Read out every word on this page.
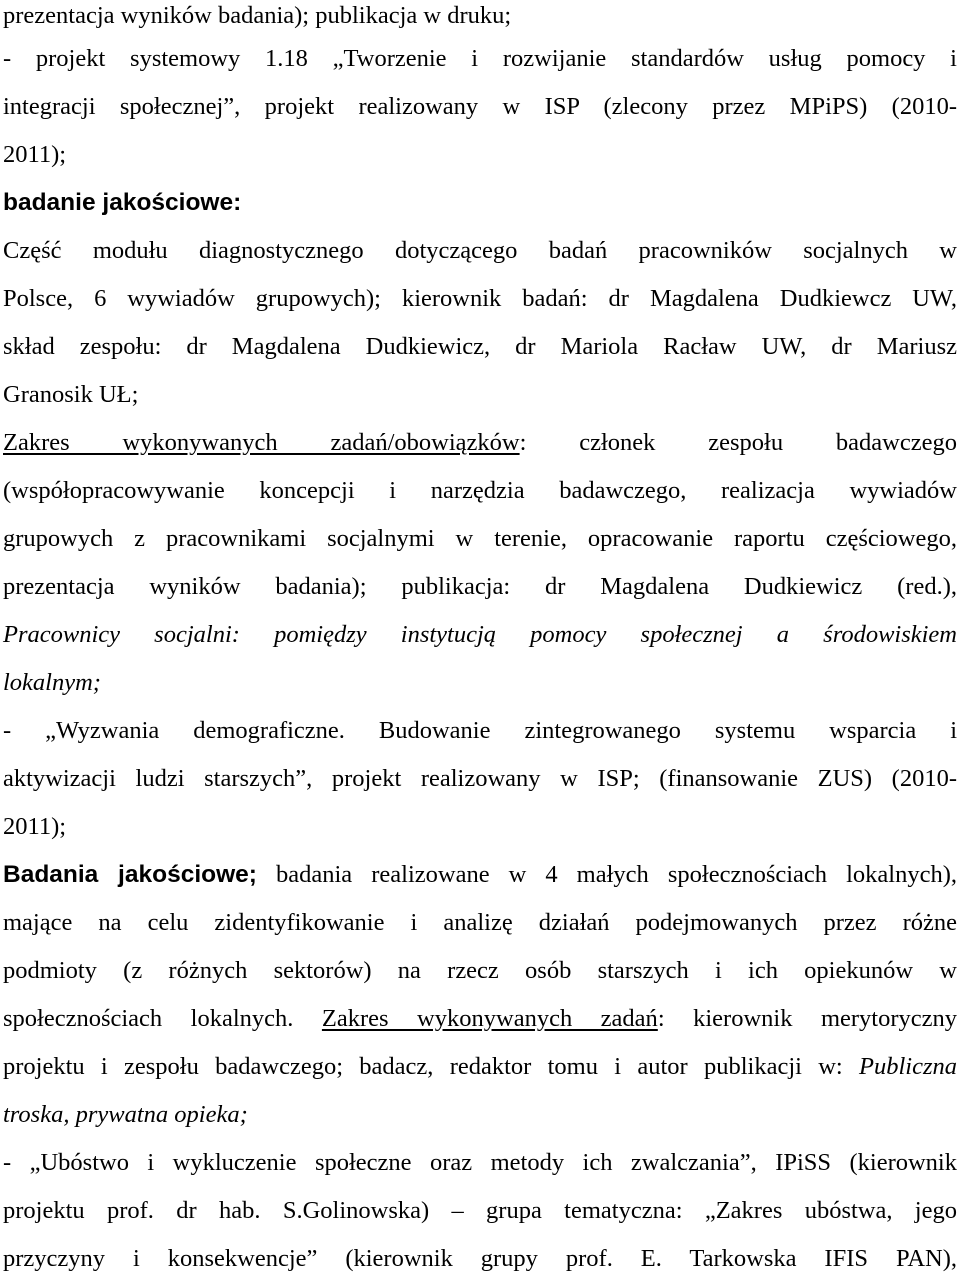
prezentacja wyników badania); publikacja w druku;
- projekt systemowy 1.18 „Tworzenie i rozwijanie standardów usług pomocy i
integracji społecznej”, projekt realizowany w ISP (zlecony przez MPiPS) (2010-
2011);
badanie jakościowe:
Część modułu diagnostycznego dotyczącego badań pracowników socjalnych w
Polsce, 6 wywiadów grupowych); kierownik badań: dr Magdalena Dudkiewcz UW,
skład zespołu: dr Magdalena Dudkiewicz, dr Mariola Racław UW, dr Mariusz
Granosik UŁ;
Zakres wykonywanych zadań/obowiązków: członek zespołu badawczego
(współopracowywanie koncepcji i narzędzia badawczego, realizacja wywiadów
grupowych z pracownikami socjalnymi w terenie, opracowanie raportu częściowego,
prezentacja wyników badania); publikacja: dr Magdalena Dudkiewicz (red.),
Pracownicy socjalni: pomiędzy instytucją pomocy społecznej a środowiskiem
lokalnym;
- „Wyzwania demograficzne. Budowanie zintegrowanego systemu wsparcia i
aktywizacji ludzi starszych”, projekt realizowany w ISP; (finansowanie ZUS) (2010-
2011);
Badania jakościowe; badania realizowane w 4 małych społecznościach lokalnych),
mające na celu zidentyfikowanie i analizę działań podejmowanych przez różne
podmioty (z różnych sektorów) na rzecz osób starszych i ich opiekunów w
społecznościach lokalnych. Zakres wykonywanych zadań: kierownik merytoryczny
projektu i zespołu badawczego; badacz, redaktor tomu i autor publikacji w: Publiczna
troska, prywatna opieka;
- „Ubóstwo i wykluczenie społeczne oraz metody ich zwalczania”, IPiSS (kierownik
projektu prof. dr hab. S.Golinowska) – grupa tematyczna: „Zakres ubóstwa, jego
przyczyny i konsekwencje” (kierownik grupy prof. E. Tarkowska IFIS PAN),
